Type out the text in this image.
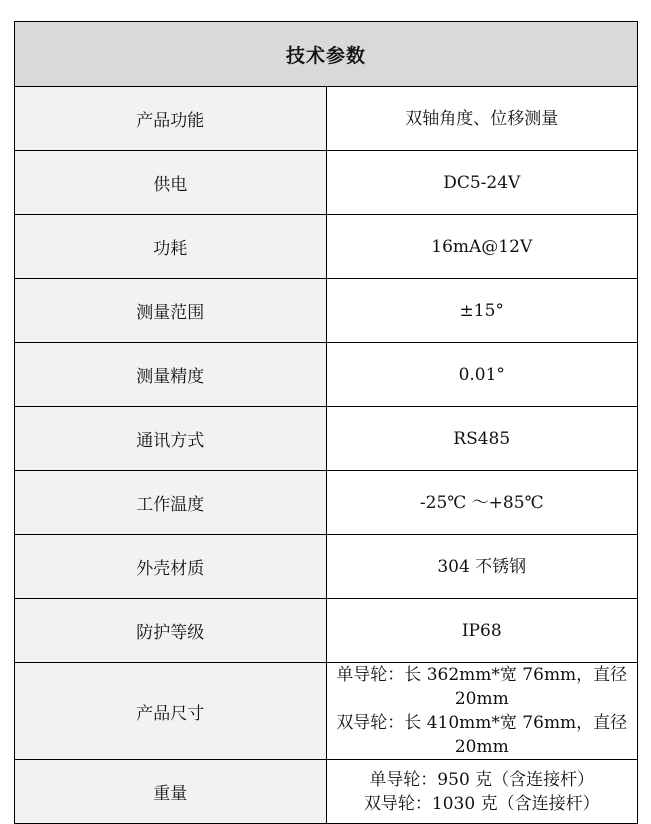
技术参数	
产品功能	双轴角度、位移测量

供电	DC5-24V

功耗	16mA@12V

测量范围	±15°

测量精度	0.01°

通讯方式	RS485

工作温度	-25℃ ～+85℃

外壳材质	304 不锈钢

防护等级	IP68

产品尺寸	单导轮：长 362mm*宽 76mm，直径 20mm
双导轮：长 410mm*宽 76mm，直径 20mm

重量	单导轮：950 克（含连接杆）
双导轮：1030 克（含连接杆）
